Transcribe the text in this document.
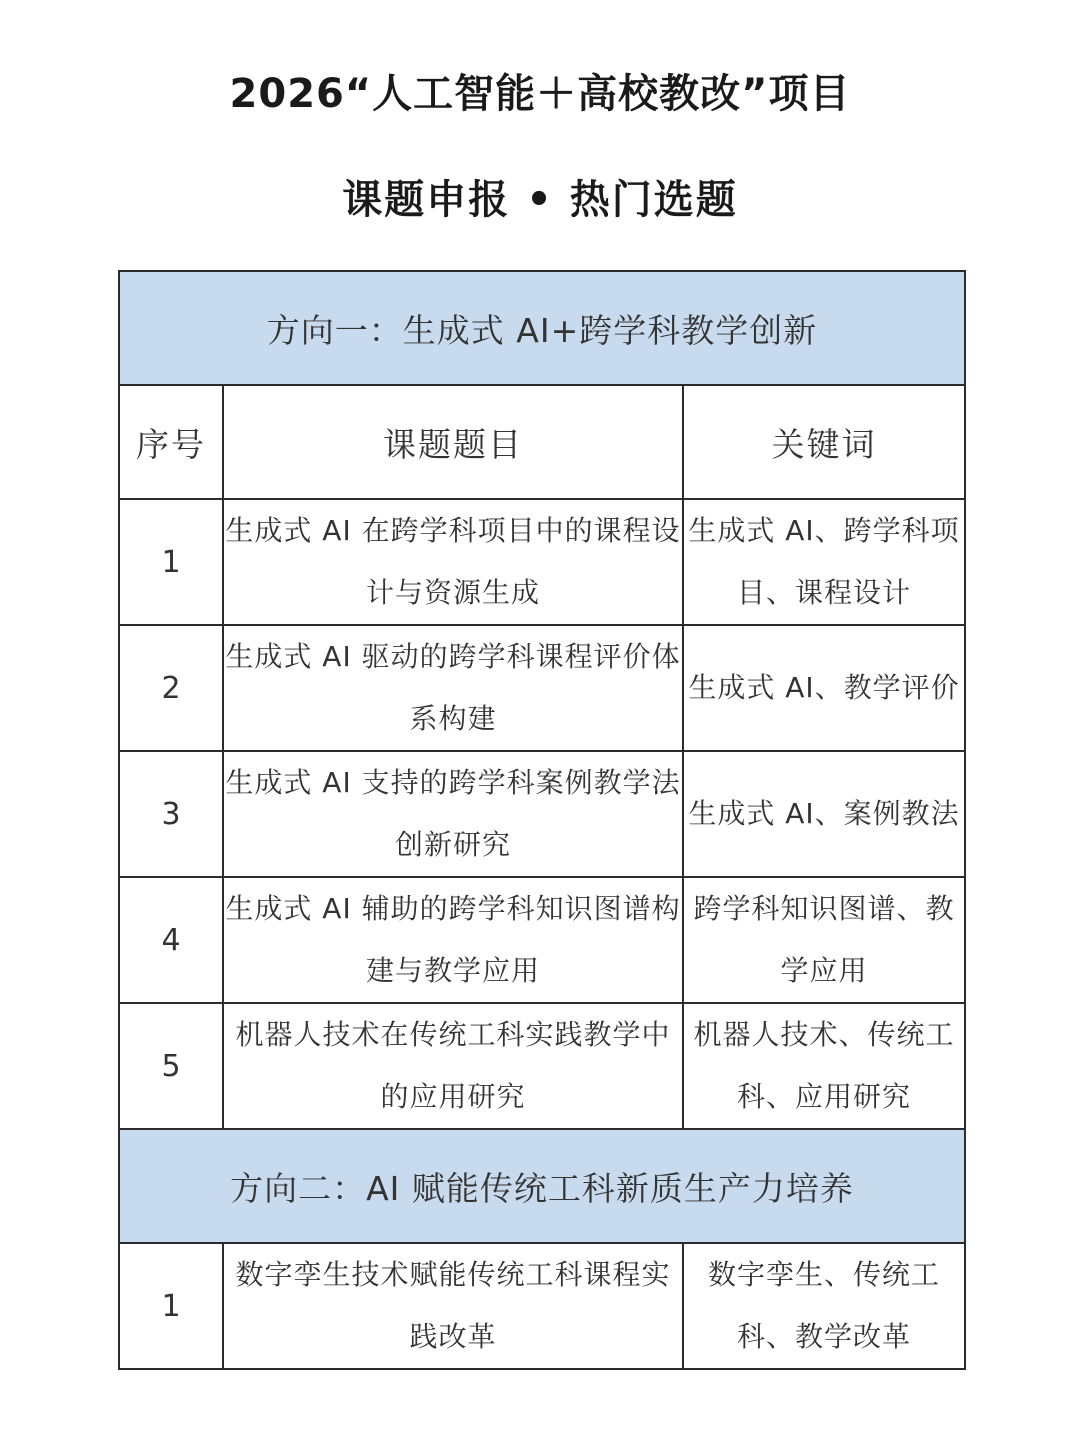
2026“人工智能＋高校教改”项目
课题申报 • 热门选题
方向一：生成式 AI+跨学科教学创新		
序号	课题题目	关键词
1	生成式 AI 在跨学科项目中的课程设计与资源生成	生成式 AI、跨学科项目、课程设计
2	生成式 AI 驱动的跨学科课程评价体系构建	生成式 AI、教学评价
3	生成式 AI 支持的跨学科案例教学法创新研究	生成式 AI、案例教法
4	生成式 AI 辅助的跨学科知识图谱构建与教学应用	跨学科知识图谱、教学应用
5	机器人技术在传统工科实践教学中的应用研究	机器人技术、传统工科、应用研究
方向二：AI 赋能传统工科新质生产力培养		
1	数字孪生技术赋能传统工科课程实践改革	数字孪生、传统工科、教学改革
